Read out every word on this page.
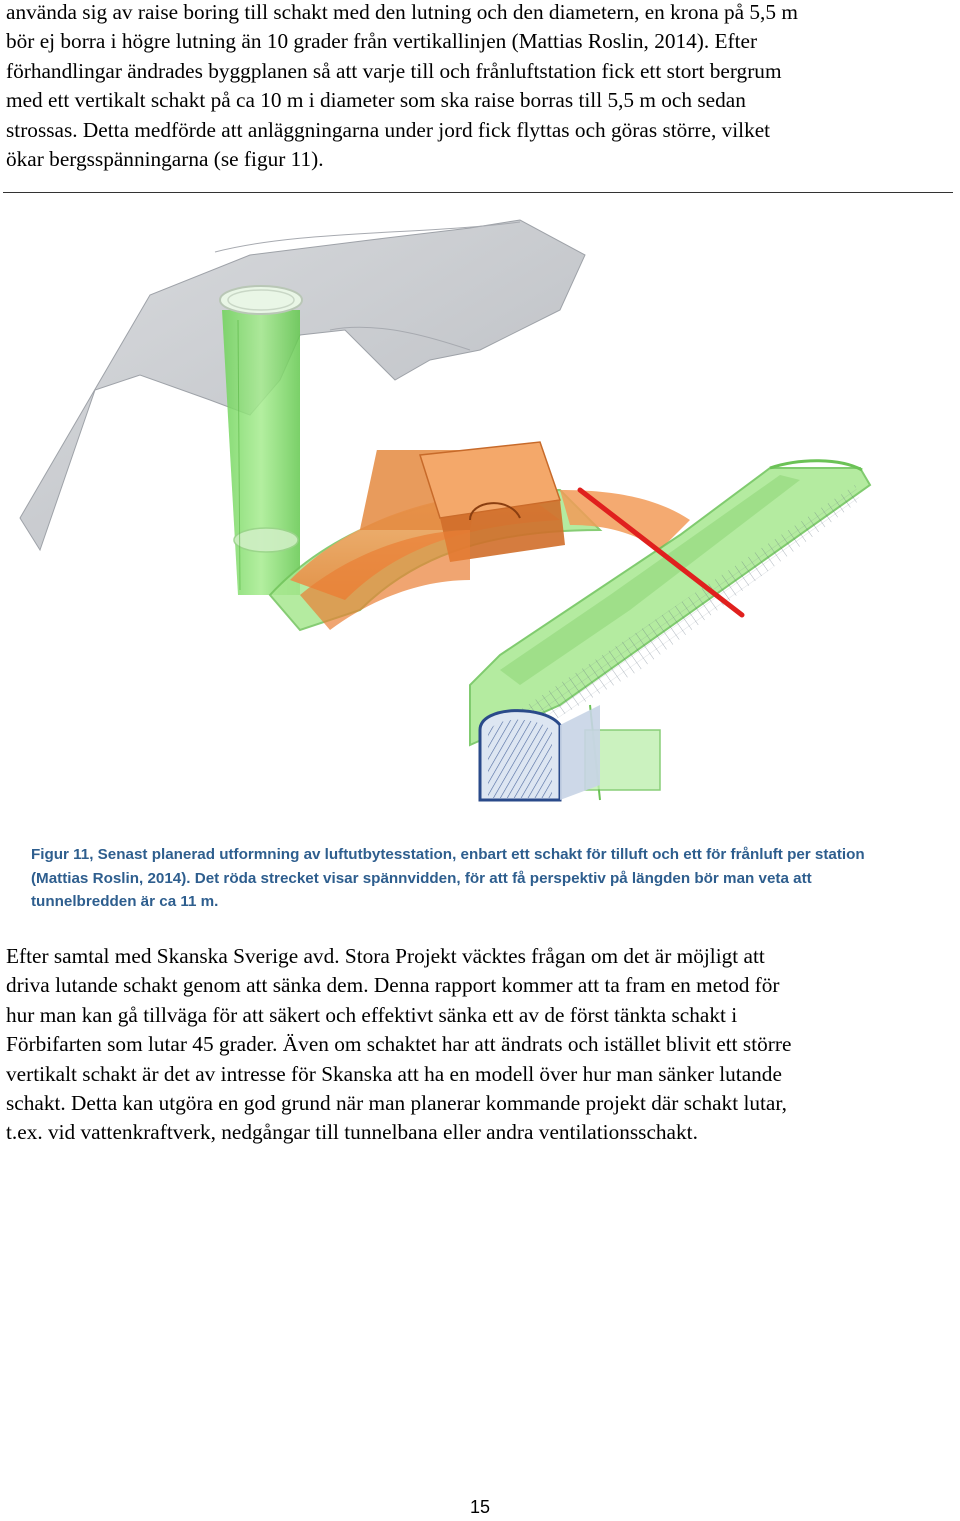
använda sig av raise boring till schakt med den lutning och den diametern, en krona på 5,5 m
bör ej borra i högre lutning än 10 grader från vertikallinjen (Mattias Roslin, 2014). Efter
förhandlingar ändrades byggplanen så att varje till och frånluftstation fick ett stort bergrum
med ett vertikalt schakt på ca 10 m i diameter som ska raise borras till 5,5 m och sedan
strossas. Detta medförde att anläggningarna under jord fick flyttas och göras större, vilket
ökar bergsspänningarna (se figur 11).

Figur 11, Senast planerad utformning av luftutbytesstation, enbart ett schakt för tilluft och ett för frånluft per station
(Mattias Roslin, 2014). Det röda strecket visar spännvidden, för att få perspektiv på längden bör man veta att
tunnelbredden är ca 11 m.

Efter samtal med Skanska Sverige avd. Stora Projekt väcktes frågan om det är möjligt att
driva lutande schakt genom att sänka dem. Denna rapport kommer att ta fram en metod för
hur man kan gå tillväga för att säkert och effektivt sänka ett av de först tänkta schakt i
Förbifarten som lutar 45 grader. Även om schaktet har att ändrats och istället blivit ett större
vertikalt schakt är det av intresse för Skanska att ha en modell över hur man sänker lutande
schakt. Detta kan utgöra en god grund när man planerar kommande projekt där schakt lutar,
t.ex. vid vattenkraftverk, nedgångar till tunnelbana eller andra ventilationsschakt.

15
